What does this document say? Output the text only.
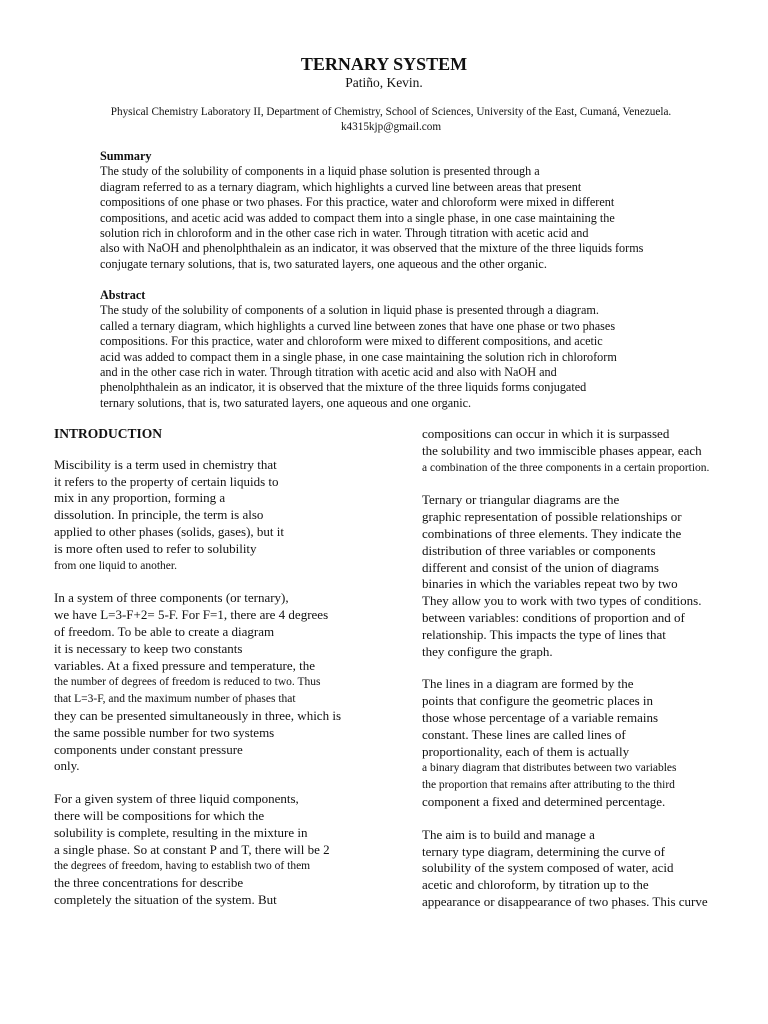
TERNARY SYSTEM
Patiño, Kevin.
Physical Chemistry Laboratory II, Department of Chemistry, School of Sciences, University of the East, Cumaná, Venezuela.
k4315kjp@gmail.com
Summary
The study of the solubility of components in a liquid phase solution is presented through a
diagram referred to as a ternary diagram, which highlights a curved line between areas that present
compositions of one phase or two phases. For this practice, water and chloroform were mixed in different
compositions, and acetic acid was added to compact them into a single phase, in one case maintaining the
solution rich in chloroform and in the other case rich in water. Through titration with acetic acid and
also with NaOH and phenolphthalein as an indicator, it was observed that the mixture of the three liquids forms
conjugate ternary solutions, that is, two saturated layers, one aqueous and the other organic.
Abstract
The study of the solubility of components of a solution in liquid phase is presented through a diagram.
called a ternary diagram, which highlights a curved line between zones that have one phase or two phases
compositions. For this practice, water and chloroform were mixed to different compositions, and acetic
acid was added to compact them in a single phase, in one case maintaining the solution rich in chloroform
and in the other case rich in water. Through titration with acetic acid and also with NaOH and
phenolphthalein as an indicator, it is observed that the mixture of the three liquids forms conjugated
ternary solutions, that is, two saturated layers, one aqueous and one organic.
INTRODUCTION
Miscibility is a term used in chemistry that
it refers to the property of certain liquids to
mix in any proportion, forming a
dissolution. In principle, the term is also
applied to other phases (solids, gases), but it
is more often used to refer to solubility
from one liquid to another.
In a system of three components (or ternary),
we have L=3-F+2= 5-F. For F=1, there are 4 degrees
of freedom. To be able to create a diagram
it is necessary to keep two constants
variables. At a fixed pressure and temperature, the
the number of degrees of freedom is reduced to two. Thus
that L=3-F, and the maximum number of phases that
they can be presented simultaneously in three, which is
the same possible number for two systems
components under constant pressure
only.
For a given system of three liquid components,
there will be compositions for which the
solubility is complete, resulting in the mixture in
a single phase. So at constant P and T, there will be 2
the degrees of freedom, having to establish two of them
the three concentrations for describe
completely the situation of the system. But
compositions can occur in which it is surpassed
the solubility and two immiscible phases appear, each
a combination of the three components in a certain proportion.
Ternary or triangular diagrams are the
graphic representation of possible relationships or
combinations of three elements. They indicate the
distribution of three variables or components
different and consist of the union of diagrams
binaries in which the variables repeat two by two
They allow you to work with two types of conditions.
between variables: conditions of proportion and of
relationship. This impacts the type of lines that
they configure the graph.
The lines in a diagram are formed by the
points that configure the geometric places in
those whose percentage of a variable remains
constant. These lines are called lines of
proportionality, each of them is actually
a binary diagram that distributes between two variables
the proportion that remains after attributing to the third
component a fixed and determined percentage.
The aim is to build and manage a
ternary type diagram, determining the curve of
solubility of the system composed of water, acid
acetic and chloroform, by titration up to the
appearance or disappearance of two phases. This curve
